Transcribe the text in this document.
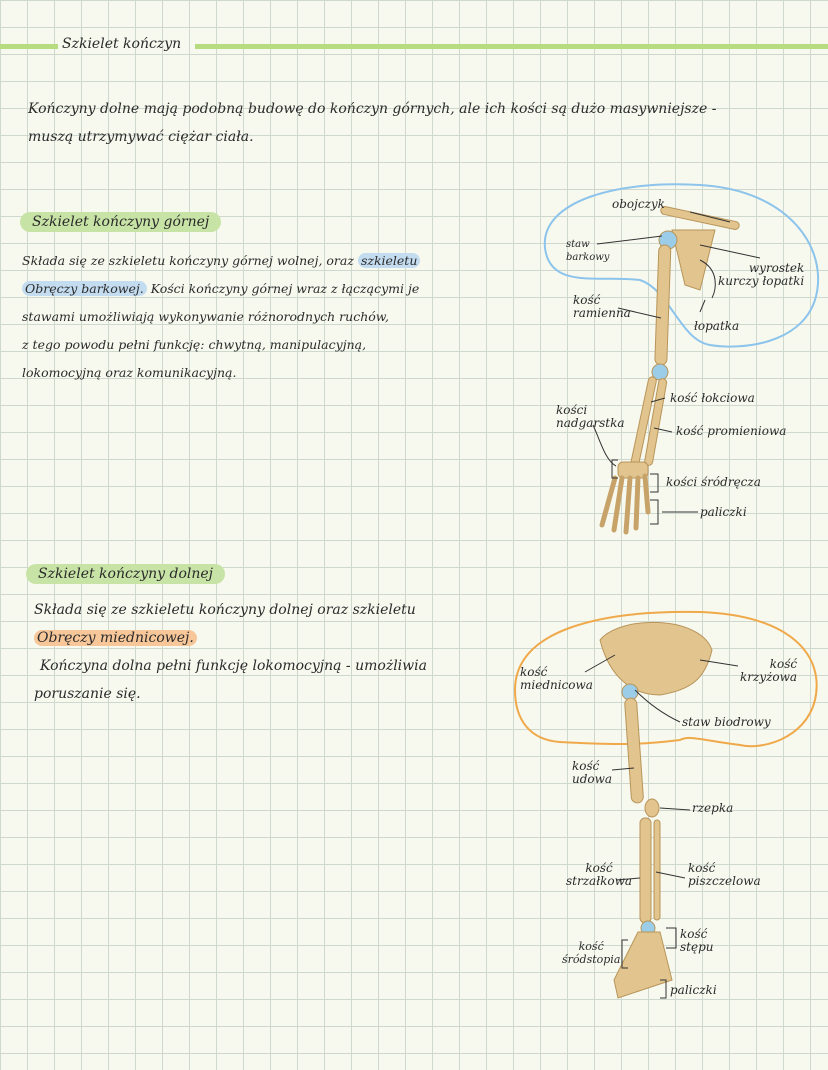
Szkielet kończyn
Kończyny dolne mają podobną budowę do kończyn górnych, ale ich kości są dużo masywniejsze -
muszą utrzymywać ciężar ciała.
Szkielet kończyny górnej
Składa się ze szkieletu kończyny górnej wolnej, oraz szkieletu
Obręczy barkowej. Kości kończyny górnej wraz z łączącymi je
stawami umożliwiają wykonywanie różnorodnych ruchów,
z tego powodu pełni funkcję: chwytną, manipulacyjną,
lokomocyjną oraz komunikacyjną.
Szkielet kończyny dolnej
Składa się ze szkieletu kończyny dolnej oraz szkieletu
Obręczy miednicowej.
Kończyna dolna pełni funkcję lokomocyjną - umożliwia
poruszanie się.
obojczyk
staw
barkowy
wyrostek
kurczy łopatki
kość
ramienna
łopatka
kość łokciowa
kości
nadgarstka
kość promieniowa
kości śródręcza
paliczki
kość
miednicowa
kość
krzyżowa
staw biodrowy
kość
udowa
rzepka
kość
strzałkowa
kość
piszczelowa
kość
śródstopia
kość
stępu
paliczki
